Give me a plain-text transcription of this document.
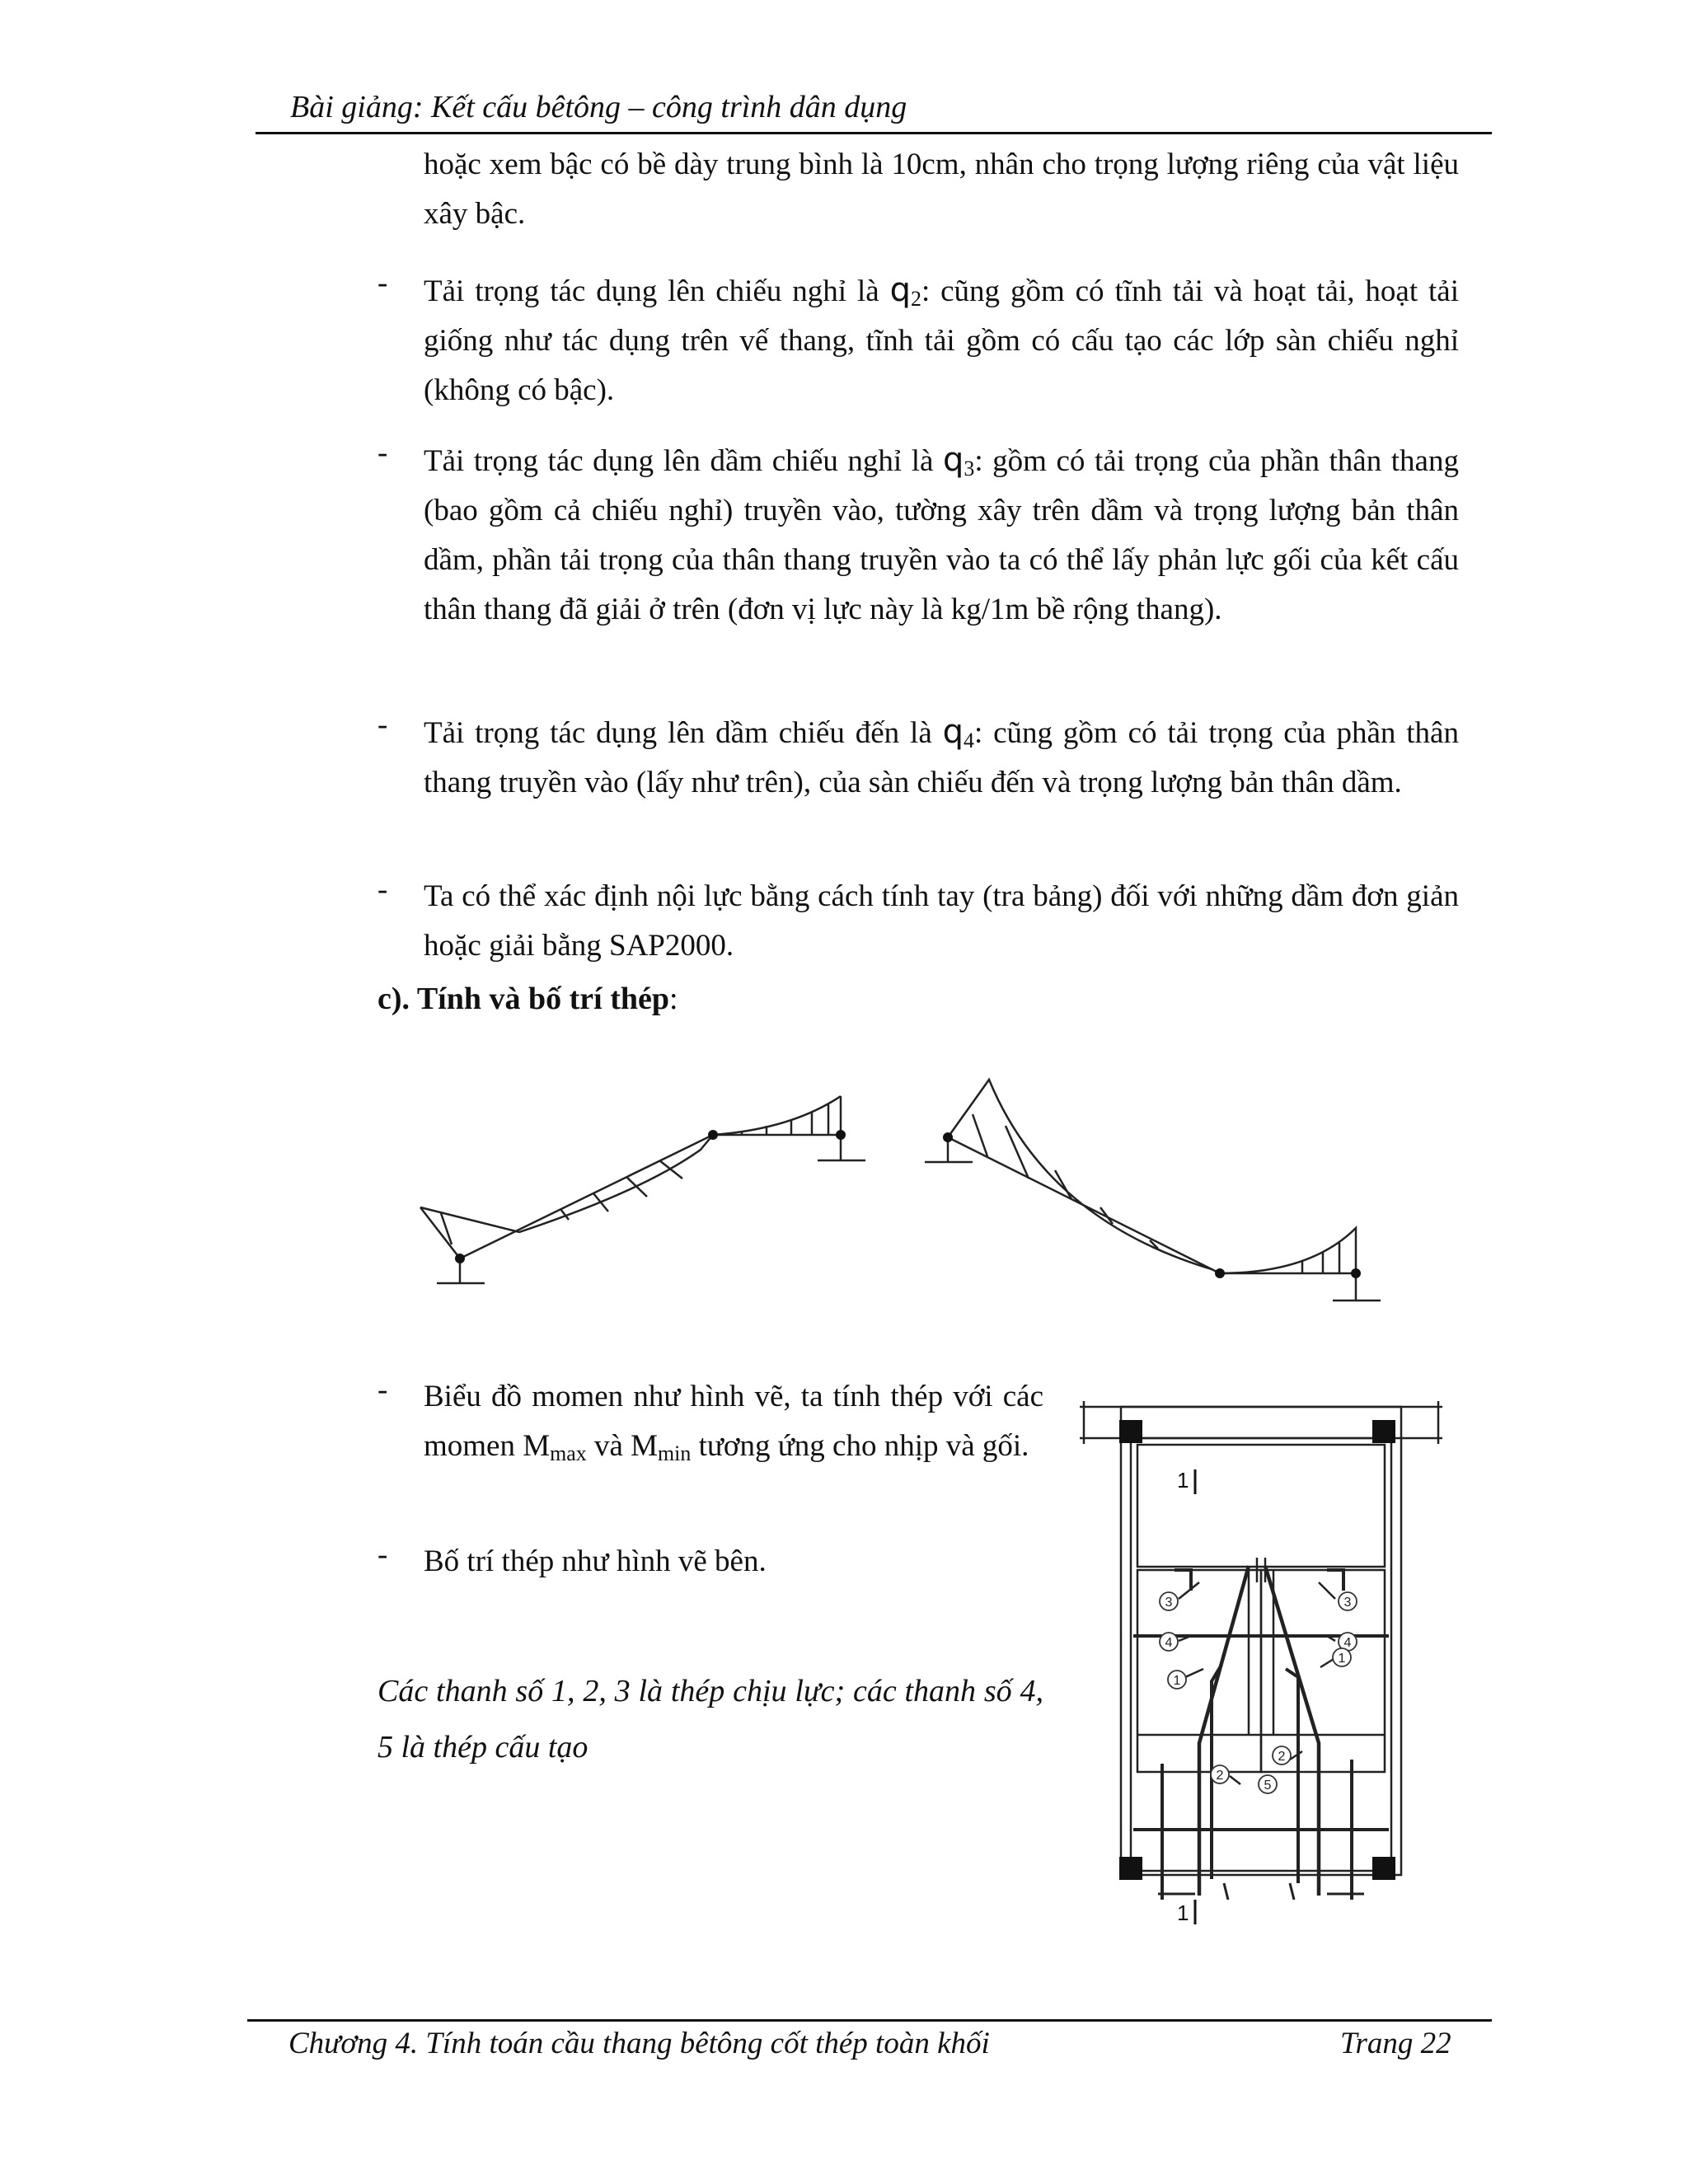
Bài giảng: Kết cấu bêtông – công trình dân dụng
hoặc xem bậc có bề dày trung bình là 10cm, nhân cho trọng lượng riêng của vật liệu xây bậc.
- Tải trọng tác dụng lên chiếu nghỉ là $q_2$: cũng gồm có tĩnh tải và hoạt tải, hoạt tải giống như tác dụng trên vế thang, tĩnh tải gồm có cấu tạo các lớp sàn chiếu nghỉ (không có bậc).
- Tải trọng tác dụng lên dầm chiếu nghỉ là $q_3$: gồm có tải trọng của phần thân thang (bao gồm cả chiếu nghỉ) truyền vào, tường xây trên dầm và trọng lượng bản thân dầm, phần tải trọng của thân thang truyền vào ta có thể lấy phản lực gối của kết cấu thân thang đã giải ở trên (đơn vị lực này là kg/1m bề rộng thang).
- Tải trọng tác dụng lên dầm chiếu đến là $q_4$: cũng gồm có tải trọng của phần thân thang truyền vào (lấy như trên), của sàn chiếu đến và trọng lượng bản thân dầm.
- Ta có thể xác định nội lực bằng cách tính tay (tra bảng) đối với những dầm đơn giản hoặc giải bằng SAP2000.
c). Tính và bố trí thép:
- Biểu đồ momen như hình vẽ, ta tính thép với các momen $M_{max}$ và $M_{min}$ tương ứng cho nhịp và gối.
- Bố trí thép như hình vẽ bên.
Các thanh số 1, 2, 3 là thép chịu lực; các thanh số 4, 5 là thép cấu tạo
1
1
3	3
4	4
1
1
2
2
5
Chương 4. Tính toán cầu thang bêtông cốt thép toàn khối	Trang 22
